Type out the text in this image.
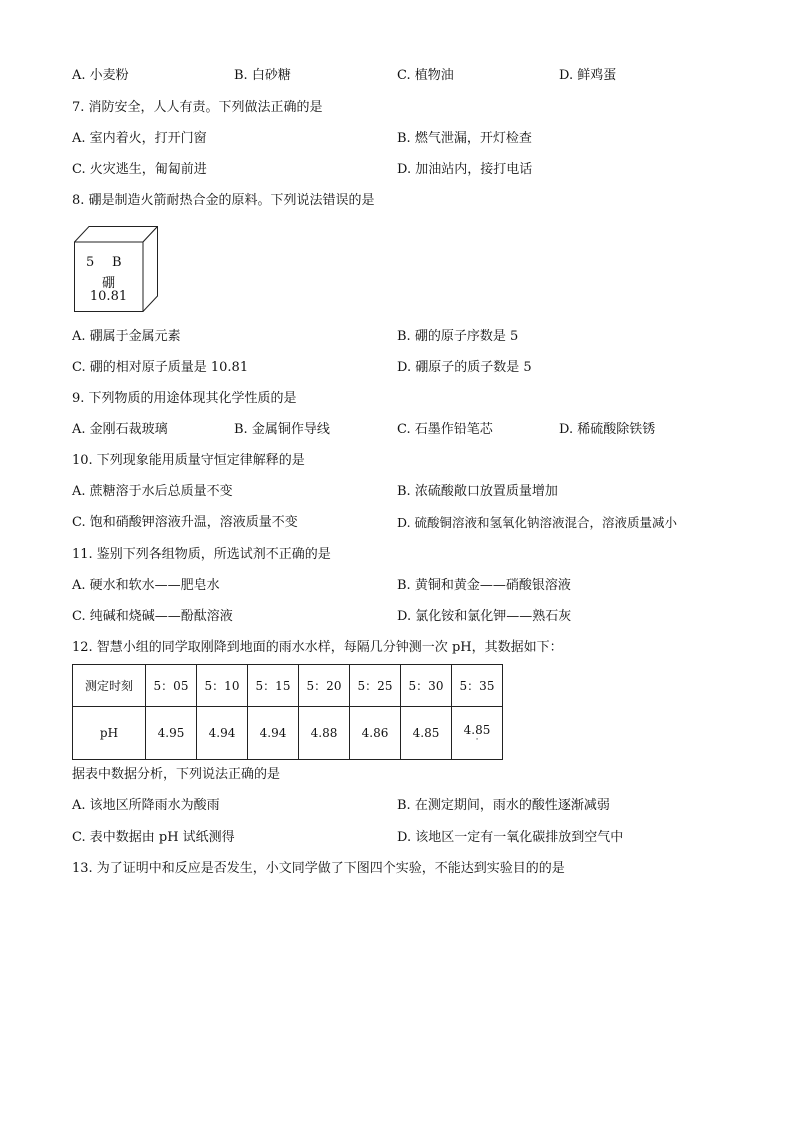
A. 小麦粉	B. 白砂糖	C. 植物油	D. 鲜鸡蛋
7. 消防安全，人人有责。下列做法正确的是
A. 室内着火，打开门窗	B. 燃气泄漏，开灯检查
C. 火灾逃生，匍匐前进	D. 加油站内，接打电话
8. 硼是制造火箭耐热合金的原料。下列说法错误的是
5 B
硼
10.81
A. 硼属于金属元素	B. 硼的原子序数是 5
C. 硼的相对原子质量是 10.81	D. 硼原子的质子数是 5
9. 下列物质的用途体现其化学性质的是
A. 金刚石裁玻璃	B. 金属铜作导线	C. 石墨作铅笔芯	D. 稀硫酸除铁锈
10. 下列现象能用质量守恒定律解释的是
A. 蔗糖溶于水后总质量不变	B. 浓硫酸敞口放置质量增加
C. 饱和硝酸钾溶液升温，溶液质量不变	D. 硫酸铜溶液和氢氧化钠溶液混合，溶液质量减小
11. 鉴别下列各组物质，所选试剂不正确的是
A. 硬水和软水——肥皂水	B. 黄铜和黄金——硝酸银溶液
C. 纯碱和烧碱——酚酞溶液	D. 氯化铵和氯化钾——熟石灰
12. 智慧小组的同学取刚降到地面的雨水水样，每隔几分钟测一次 pH，其数据如下：
测定时刻	5：05	5：10	5：15	5：20	5：25	5：30	5：35
pH	4.95	4.94	4.94	4.88	4.86	4.85	4.85
·
据表中数据分析，下列说法正确的是
A. 该地区所降雨水为酸雨	B. 在测定期间，雨水的酸性逐渐减弱
C. 表中数据由 pH 试纸测得	D. 该地区一定有一氧化碳排放到空气中
13. 为了证明中和反应是否发生，小文同学做了下图四个实验，不能达到实验目的的是
